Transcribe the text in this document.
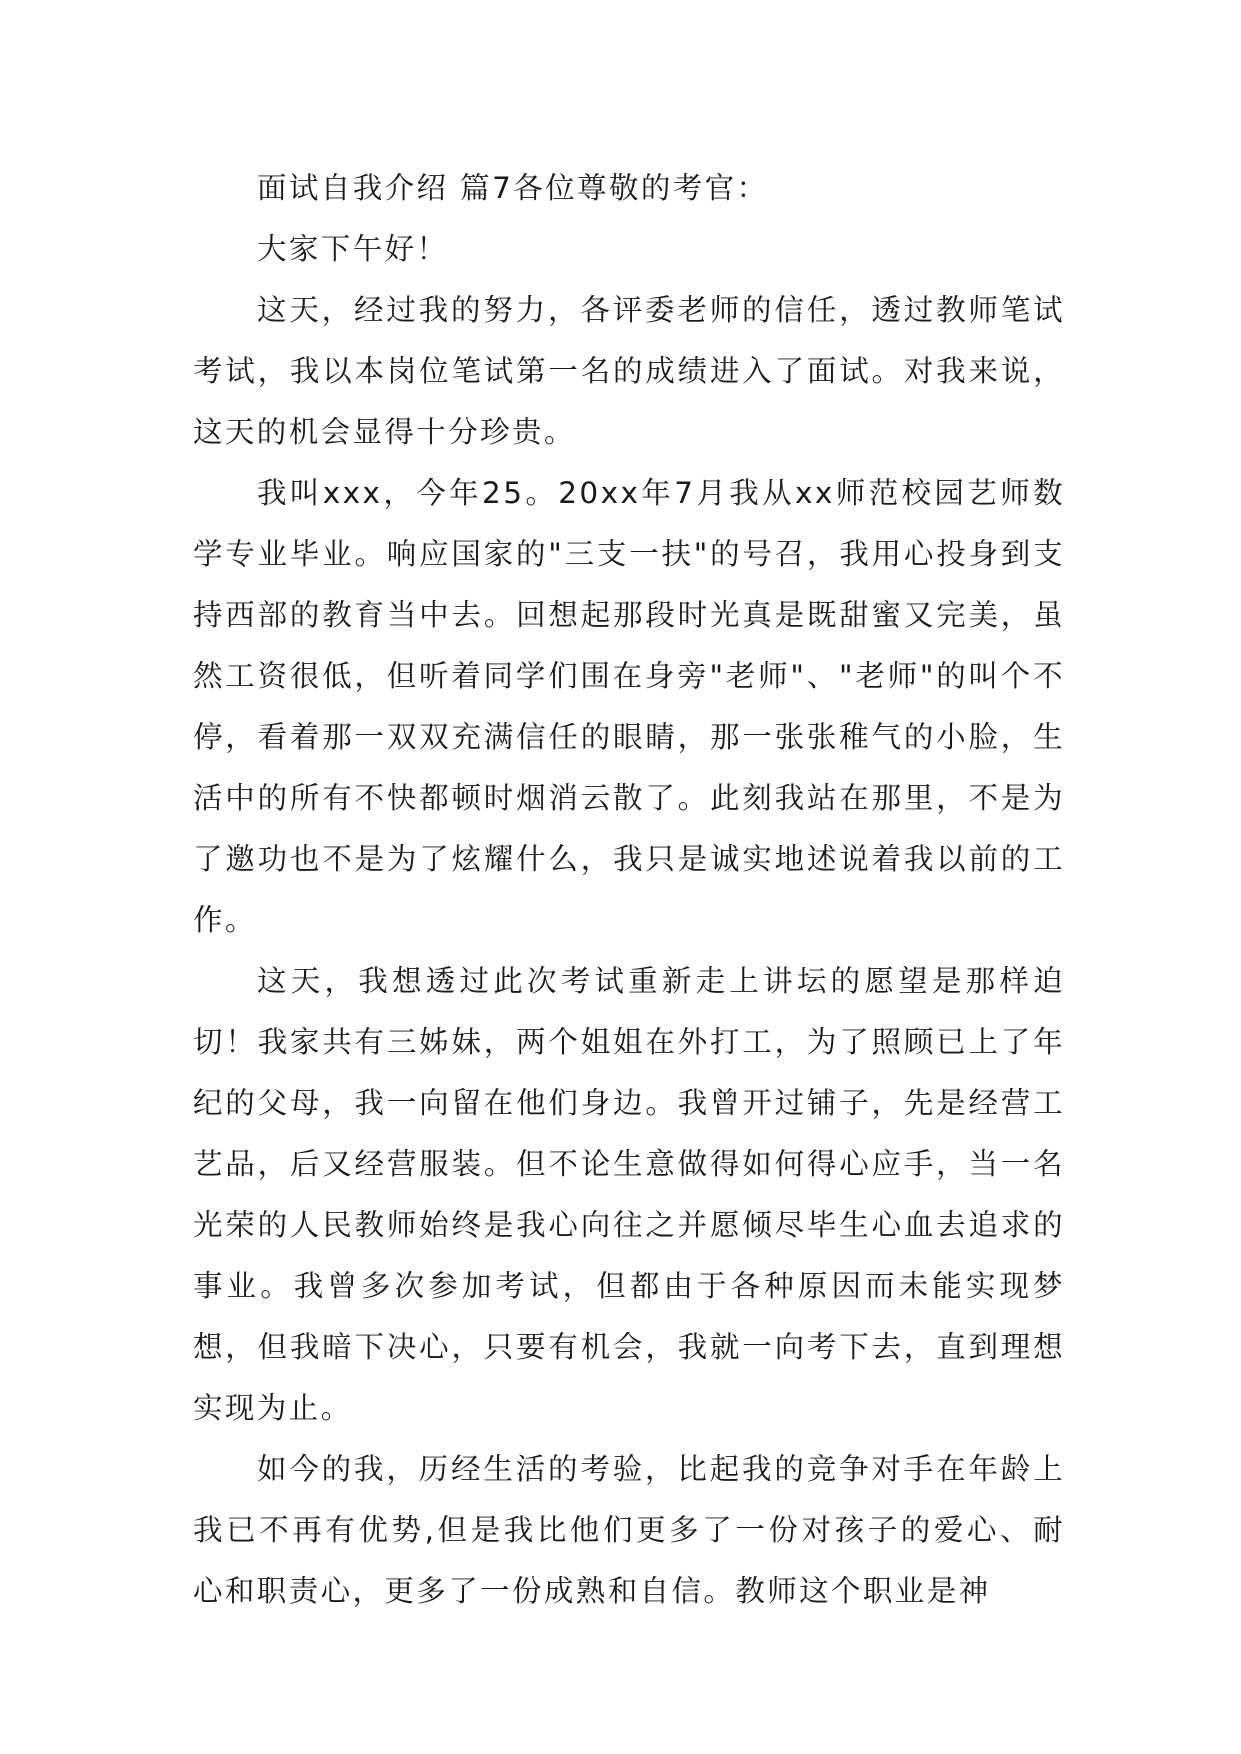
面试自我介绍 篇7各位尊敬的考官：

大家下午好！

这天，经过我的努力，各评委老师的信任，透过教师笔试考试，我以本岗位笔试第一名的成绩进入了面试。对我来说，这天的机会显得十分珍贵。

我叫xxx，今年25。20xx年7月我从xx师范校园艺师数学专业毕业。响应国家的"三支一扶"的号召，我用心投身到支持西部的教育当中去。回想起那段时光真是既甜蜜又完美，虽然工资很低，但听着同学们围在身旁"老师"、"老师"的叫个不停，看着那一双双充满信任的眼睛，那一张张稚气的小脸，生活中的所有不快都顿时烟消云散了。此刻我站在那里，不是为了邀功也不是为了炫耀什么，我只是诚实地述说着我以前的工作。

这天，我想透过此次考试重新走上讲坛的愿望是那样迫切！我家共有三姊妹，两个姐姐在外打工，为了照顾已上了年纪的父母，我一向留在他们身边。我曾开过铺子，先是经营工艺品，后又经营服装。但不论生意做得如何得心应手，当一名光荣的人民教师始终是我心向往之并愿倾尽毕生心血去追求的事业。我曾多次参加考试，但都由于各种原因而未能实现梦想，但我暗下决心，只要有机会，我就一向考下去，直到理想实现为止。

如今的我，历经生活的考验，比起我的竞争对手在年龄上我已不再有优势,但是我比他们更多了一份对孩子的爱心、耐心和职责心，更多了一份成熟和自信。教师这个职业是神
